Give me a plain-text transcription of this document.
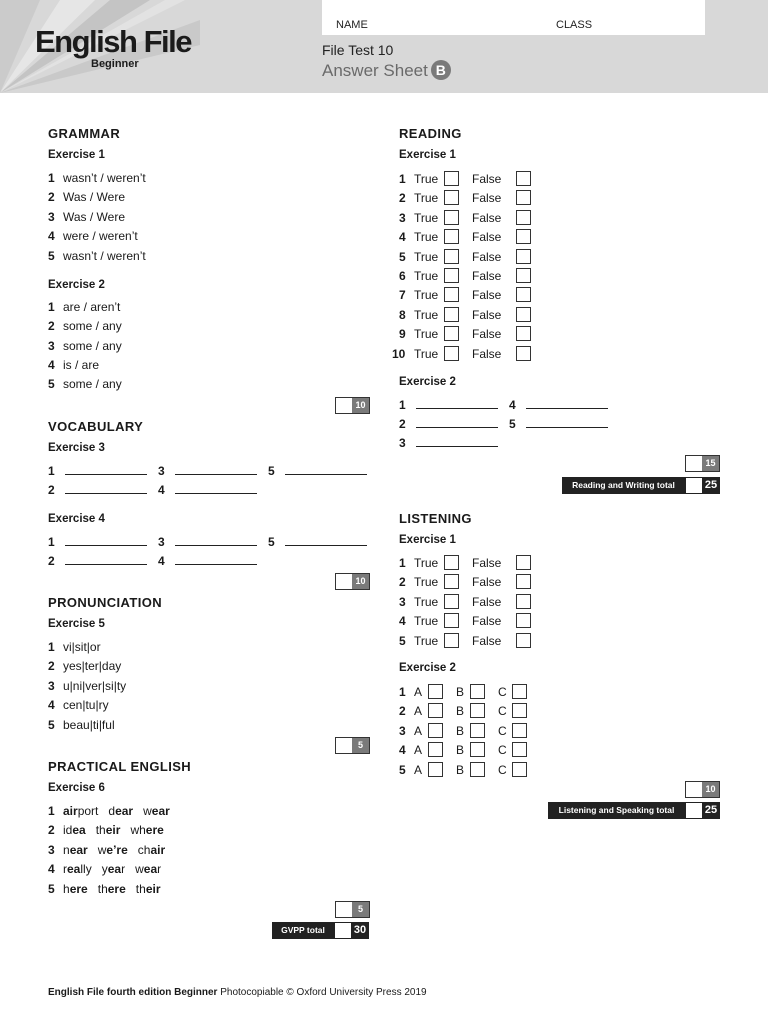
English File
Beginner
NAME	CLASS
File Test 10
Answer Sheet B
GRAMMAR
Exercise 1
1 wasn’t / weren’t
2 Was / Were
3 Was / Were
4 were / weren’t
5 wasn’t / weren’t
Exercise 2
1 are / aren’t
2 some / any
3 some / any
4 is / are
5 some / any
10
VOCABULARY
Exercise 3
1	3	5
2	4
Exercise 4
1	3	5
2	4
10
PRONUNCIATION
Exercise 5
1 vi|sit|or
2 yes|ter|day
3 u|ni|ver|si|ty
4 cen|tu|ry
5 beau|ti|ful
5
PRACTICAL ENGLISH
Exercise 6
1 airport dear wear
2 idea their where
3 near we’re chair
4 really year wear
5 here there their
5
GVPP total	30
READING
Exercise 1
1 True	False
2 True	False
3 True	False
4 True	False
5 True	False
6 True	False
7 True	False
8 True	False
9 True	False
10 True	False
Exercise 2
1	4
2	5
3
15
Reading and Writing total	25
LISTENING
Exercise 1
1 True	False
2 True	False
3 True	False
4 True	False
5 True	False
Exercise 2
1 A	B	C
2 A	B	C
3 A	B	C
4 A	B	C
5 A	B	C
10
Listening and Speaking total	25
English File fourth edition Beginner Photocopiable © Oxford University Press 2019
